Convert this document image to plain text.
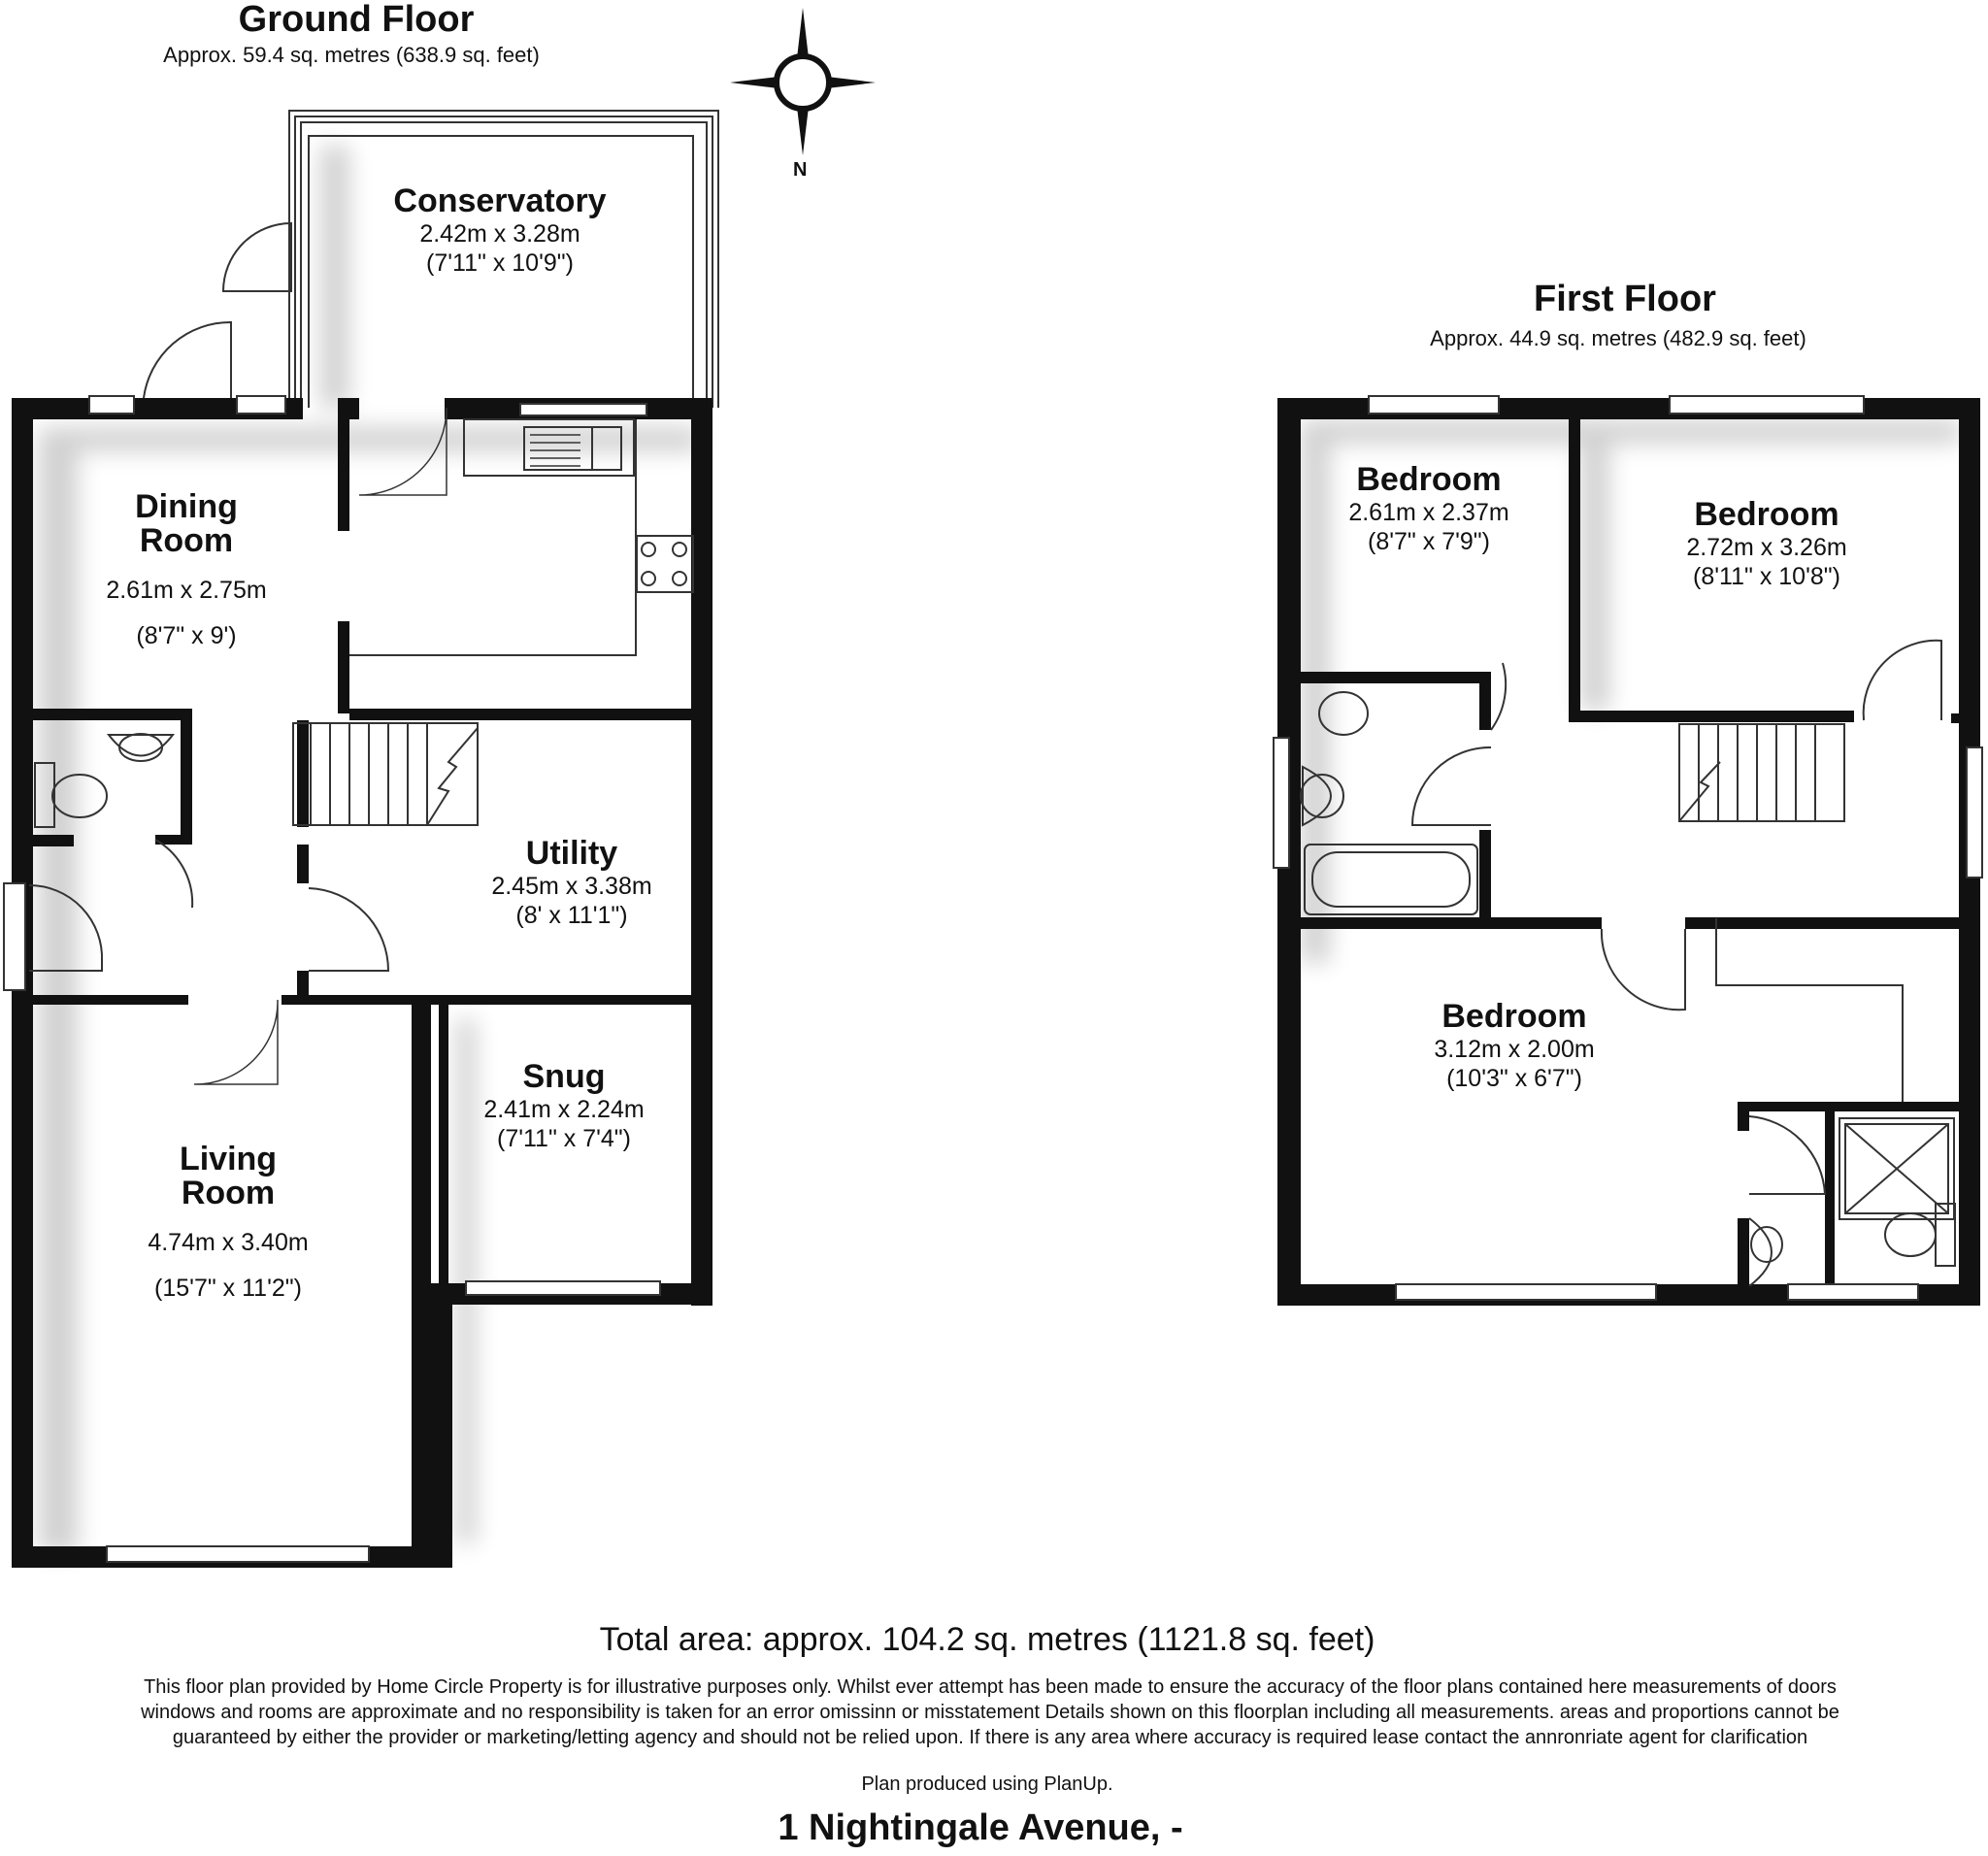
Ground Floor
Approx. 59.4 sq. metres (638.9 sq. feet)
First Floor
Approx. 44.9 sq. metres (482.9 sq. feet)
N
Conservatory
2.42m x 3.28m
(7'11" x 10'9")

Dining
Room

2.61m x 2.75m

(8'7" x 9')

Utility
2.45m x 3.38m
(8' x 11'1")
Snug
2.41m x 2.24m
(7'11" x 7'4")

Living
Room

4.74m x 3.40m

(15'7" x 11'2")

Bedroom
2.61m x 2.37m
(8'7" x 7'9")
Bedroom
2.72m x 3.26m
(8'11" x 10'8")
Bedroom
3.12m x 2.00m
(10'3" x 6'7")
Total area: approx. 104.2 sq. metres (1121.8 sq. feet)
This floor plan provided by Home Circle Property is for illustrative purposes only. Whilst ever attempt has been made to ensure the accuracy of the floor plans contained here measurements of doors windows and rooms are approximate and no responsibility is taken for an error omissinn or misstatement Details shown on this floorplan including all measurements. areas and proportions cannot be guaranteed by either the provider or marketing/letting agency and should not be relied upon. If there is any area where accuracy is required lease contact the annronriate agent for clarification
Plan produced using PlanUp.
1 Nightingale Avenue, -
